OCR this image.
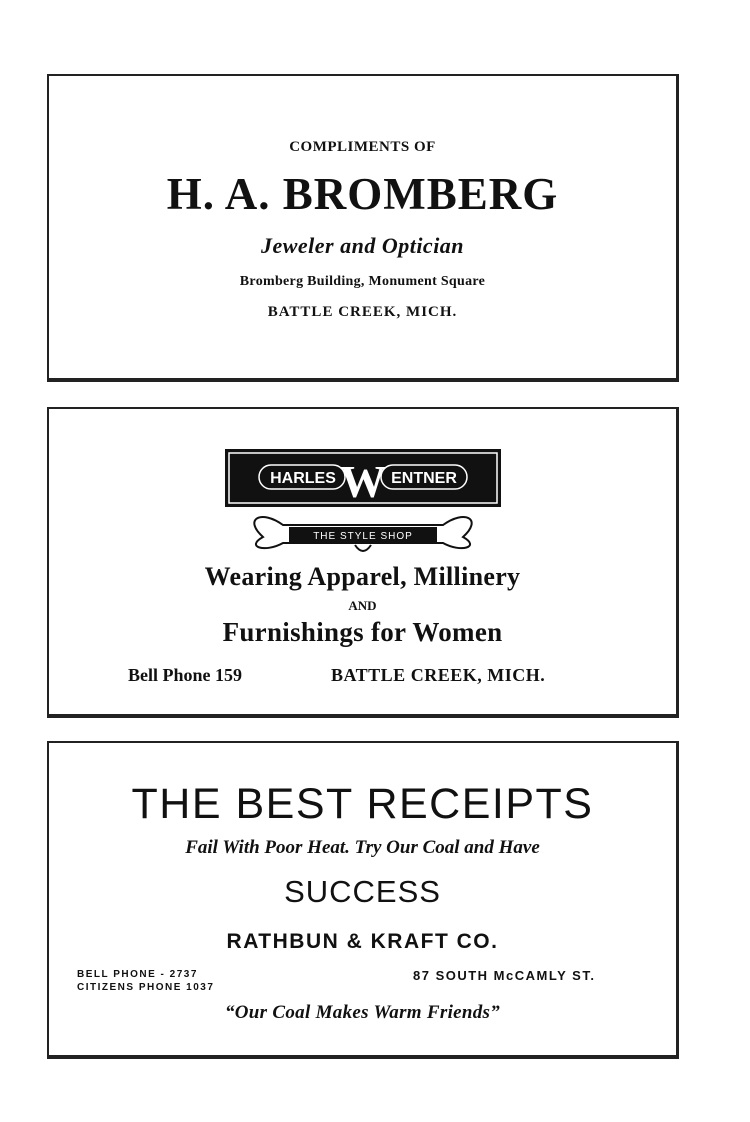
COMPLIMENTS OF
H. A. BROMBERG
Jeweler and Optician
Bromberg Building, Monument Square
BATTLE CREEK, MICH.
HARLES W ENTNER
THE STYLE SHOP
Wearing Apparel, Millinery
AND
Furnishings for Women
Bell Phone 159	BATTLE CREEK, MICH.
THE BEST RECEIPTS
Fail With Poor Heat. Try Our Coal and Have
SUCCESS
RATHBUN & KRAFT CO.
BELL PHONE - 2737
CITIZENS PHONE 1037
87 SOUTH McCAMLY ST.
“Our Coal Makes Warm Friends”
